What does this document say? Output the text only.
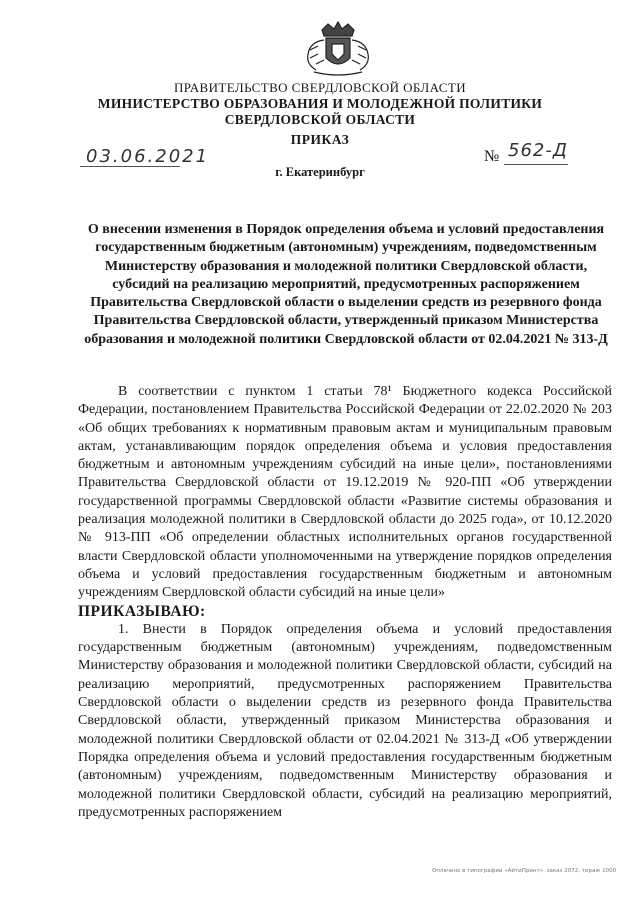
ПРАВИТЕЛЬСТВО СВЕРДЛОВСКОЙ ОБЛАСТИ
МИНИСТЕРСТВО ОБРАЗОВАНИЯ И МОЛОДЕЖНОЙ ПОЛИТИКИ
СВЕРДЛОВСКОЙ ОБЛАСТИ
ПРИКАЗ
03.06.2021	№ 562-Д
г. Екатеринбург
О внесении изменения в Порядок определения объема и условий предоставления государственным бюджетным (автономным) учреждениям, подведомственным Министерству образования и молодежной политики Свердловской области, субсидий на реализацию мероприятий, предусмотренных распоряжением Правительства Свердловской области о выделении средств из резервного фонда Правительства Свердловской области, утвержденный приказом Министерства образования и молодежной политики Свердловской области от 02.04.2021 № 313-Д

В соответствии с пунктом 1 статьи 78¹ Бюджетного кодекса Российской Федерации, постановлением Правительства Российской Федерации от 22.02.2020 № 203 «Об общих требованиях к нормативным правовым актам и муниципальным правовым актам, устанавливающим порядок определения объема и условия предоставления бюджетным и автономным учреждениям субсидий на иные цели», постановлениями Правительства Свердловской области от 19.12.2019 № 920-ПП «Об утверждении государственной программы Свердловской области «Развитие системы образования и реализация молодежной политики в Свердловской области до 2025 года», от 10.12.2020 № 913-ПП «Об определении областных исполнительных органов государственной власти Свердловской области уполномоченными на утверждение порядков определения объема и условий предоставления государственным бюджетным и автономным учреждениям Свердловской области субсидий на иные цели»

ПРИКАЗЫВАЮ:

1. Внести в Порядок определения объема и условий предоставления государственным бюджетным (автономным) учреждениям, подведомственным Министерству образования и молодежной политики Свердловской области, субсидий на реализацию мероприятий, предусмотренных распоряжением Правительства Свердловской области о выделении средств из резервного фонда Правительства Свердловской области, утвержденный приказом Министерства образования и молодежной политики Свердловской области от 02.04.2021 № 313-Д «Об утверждении Порядка определения объема и условий предоставления государственным бюджетным (автономным) учреждениям, подведомственным Министерству образования и молодежной политики Свердловской области, субсидий на реализацию мероприятий, предусмотренных распоряжением

Оплачено в типографии «АйтиПринт», заказ 2072, тираж 1000
